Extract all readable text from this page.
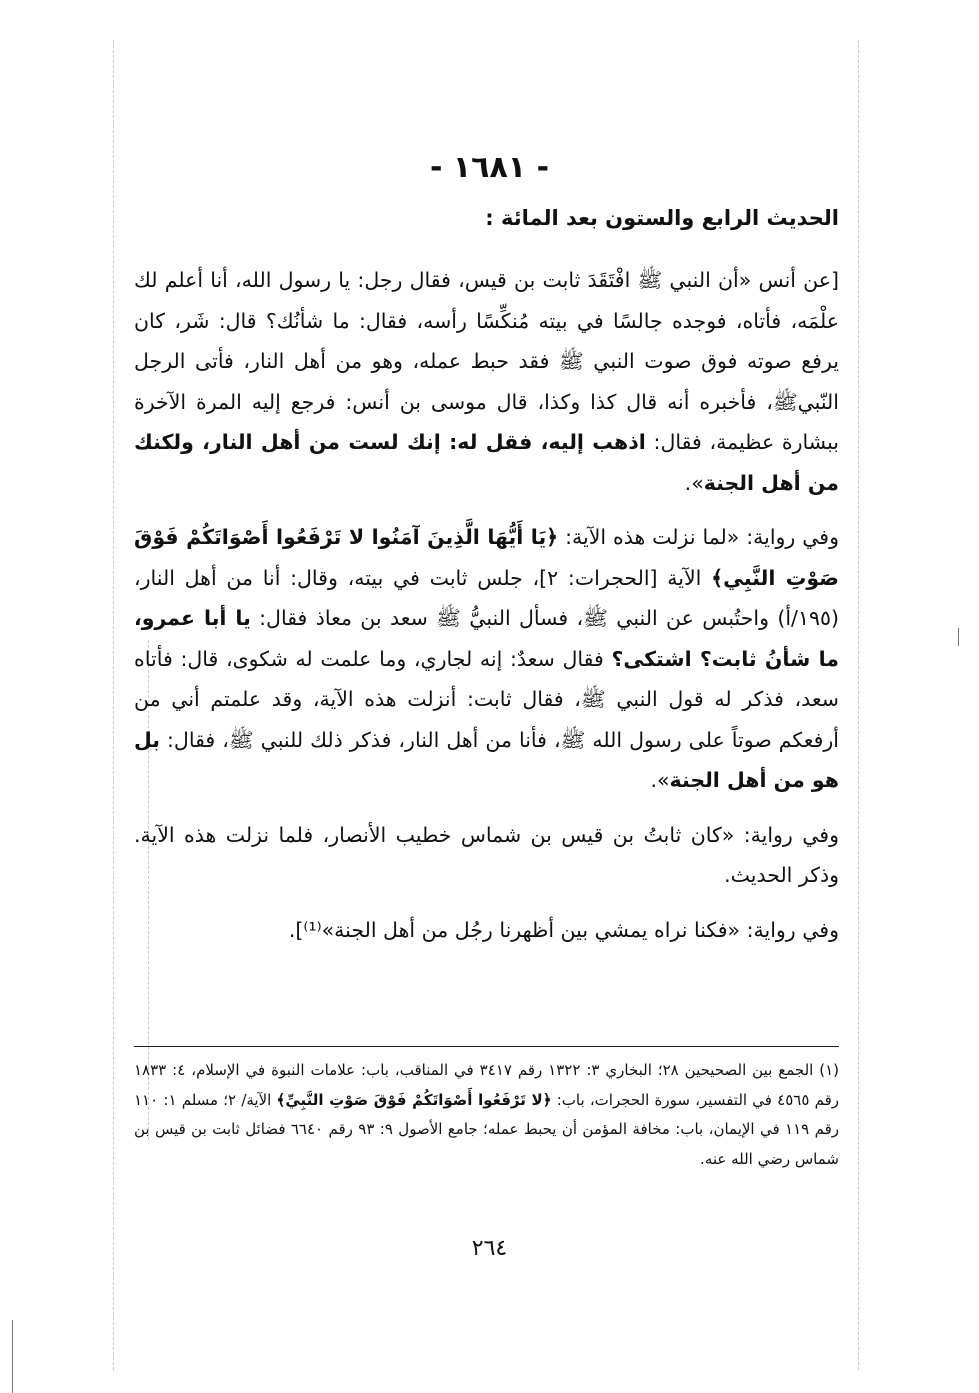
- ١٦٨١ -
الحديث الرابع والستون بعد المائة :

[عن أنس «أن النبي ﷺ افْتَقَدَ ثابت بن قيس، فقال رجل: يا رسول الله، أنا أعلم لك علْمَه، فأتاه، فوجده جالسًا في بيته مُنكِّسًا رأسه، فقال: ما شأنُك؟ قال: شَر، كان يرفع صوته فوق صوت النبي ﷺ فقد حبط عمله، وهو من أهل النار، فأتى الرجل النّبيﷺ، فأخبره أنه قال كذا وكذا، قال موسى بن أنس: فرجع إليه المرة الآخرة ببشارة عظيمة، فقال: اذهب إليه، فقل له: إنك لست من أهل النار، ولكنك من أهل الجنة».

وفي رواية: «لما نزلت هذه الآية: ﴿يَا أَيُّهَا الَّذِينَ آمَنُوا لا تَرْفَعُوا أَصْوَاتَكُمْ فَوْقَ صَوْتِ النَّبِي﴾ الآية [الحجرات: ٢]، جلس ثابت في بيته، وقال: أنا من أهل النار، (١٩٥/أ) واحتُبس عن النبي ﷺ، فسأل النبيُّ ﷺ سعد بن معاذ فقال: يا أبا عمرو، ما شأنُ ثابت؟ اشتكى؟ فقال سعدٌ: إنه لجاري، وما علمت له شكوى، قال: فأتاه سعد، فذكر له قول النبي ﷺ، فقال ثابت: أنزلت هذه الآية، وقد علمتم أني من أرفعكم صوتاً على رسول الله ﷺ، فأنا من أهل النار، فذكر ذلك للنبي ﷺ، فقال: بل هو من أهل الجنة».

وفي رواية: «كان ثابتُ بن قيس بن شماس خطيب الأنصار، فلما نزلت هذه الآية. وذكر الحديث.

وفي رواية: «فكنا نراه يمشي بين أظهرنا رجُل من أهل الجنة»⁽¹⁾].

(١) الجمع بين الصحيحين ٢٨؛ البخاري ٣: ١٣٢٢ رقم ٣٤١٧ في المناقب، باب: علامات النبوة في الإسلام، ٤: ١٨٣٣ رقم ٤٥٦٥ في التفسير، سورة الحجرات، باب: ﴿لا تَرْفَعُوا أَصْوَاتَكُمْ فَوْقَ صَوْتِ النَّبِيِّ﴾ الآية/ ٢؛ مسلم ١: ١١٠ رقم ١١٩ في الإيمان، باب: مخافة المؤمن أن يحبط عمله؛ جامع الأصول ٩: ٩٣ رقم ٦٦٤٠ فضائل ثابت بن قيس بن شماس رضي الله عنه.
٢٦٤
